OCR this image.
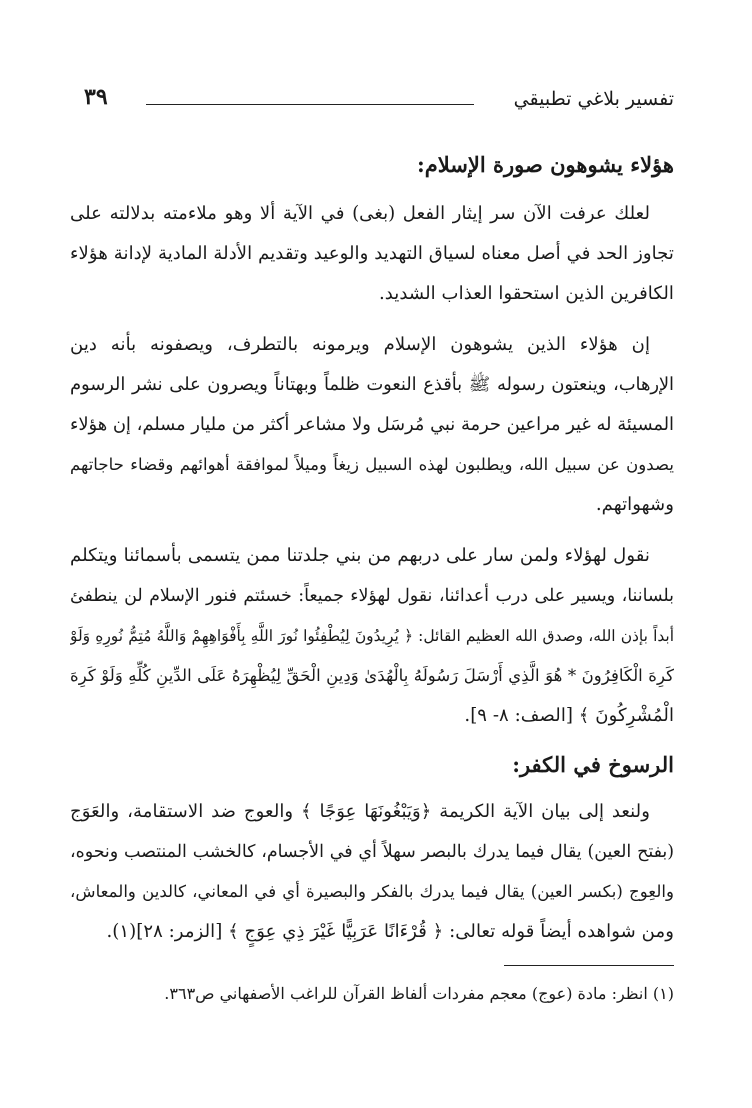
تفسير بلاغي تطبيقي
٣٩
هؤلاء يشوهون صورة الإسلام:
لعلك عرفت الآن سر إيثار الفعل (بغى) في الآية ألا وهو ملاءمته بدلالته على
تجاوز الحد في أصل معناه لسياق التهديد والوعيد وتقديم الأدلة المادية لإدانة هؤلاء
الكافرين الذين استحقوا العذاب الشديد.
إن هؤلاء الذين يشوهون الإسلام ويرمونه بالتطرف، ويصفونه بأنه دين
الإرهاب، وينعتون رسوله ﷺ بأقذع النعوت ظلماً وبهتاناً ويصرون على نشر الرسوم
المسيئة له غير مراعين حرمة نبي مُرسَل ولا مشاعر أكثر من مليار مسلم، إن هؤلاء
يصدون عن سبيل الله، ويطلبون لهذه السبيل زيغاً وميلاً لموافقة أهوائهم وقضاء حاجاتهم
وشهواتهم.
نقول لهؤلاء ولمن سار على دربهم من بني جلدتنا ممن يتسمى بأسمائنا ويتكلم
بلساننا، ويسير على درب أعدائنا، نقول لهؤلاء جميعاً: خسئتم فنور الإسلام لن ينطفئ
أبداً بإذن الله، وصدق الله العظيم القائل: ﴿ يُرِيدُونَ لِيُطْفِئُوا نُورَ اللَّهِ بِأَفْوَاهِهِمْ وَاللَّهُ مُتِمُّ نُورِهِ وَلَوْ
كَرِهَ الْكَافِرُونَ * هُوَ الَّذِي أَرْسَلَ رَسُولَهُ بِالْهُدَىٰ وَدِينِ الْحَقِّ لِيُظْهِرَهُ عَلَى الدِّينِ كُلِّهِ وَلَوْ كَرِهَ
الْمُشْرِكُونَ ﴾ [الصف: ٨- ٩].
الرسوخ في الكفر:
ولنعد إلى بيان الآية الكريمة ﴿وَيَبْغُونَهَا عِوَجًا ﴾ والعوج ضد الاستقامة، والعَوَج
(بفتح العين) يقال فيما يدرك بالبصر سهلاً أي في الأجسام، كالخشب المنتصب ونحوه،
والعِوج (بكسر العين) يقال فيما يدرك بالفكر والبصيرة أي في المعاني، كالدين والمعاش،
ومن شواهده أيضاً قوله تعالى: ﴿ قُرْءَانًا عَرَبِيًّا غَيْرَ ذِي عِوَجٍ ﴾ [الزمر: ٢٨](١).
(١) انظر: مادة (عوج) معجم مفردات ألفاظ القرآن للراغب الأصفهاني ص٣٦٣.
